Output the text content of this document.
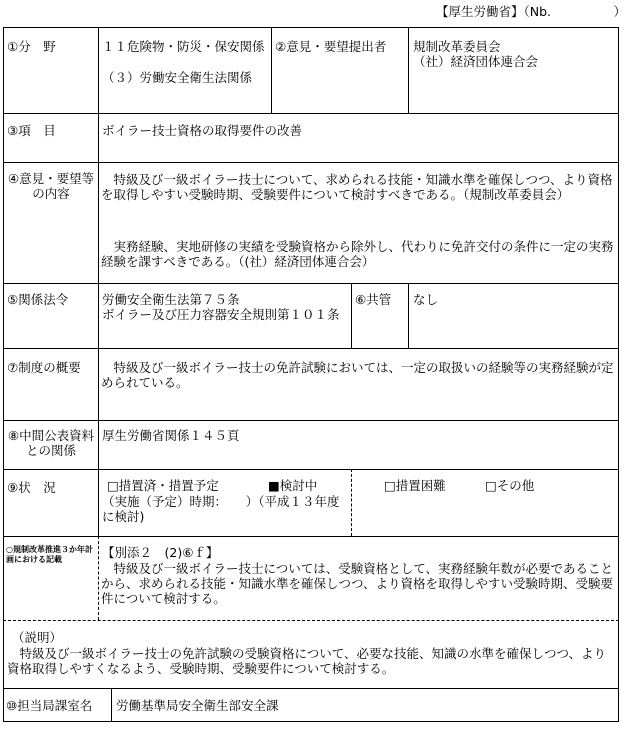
【厚生労働省】（Nb.　　　　　）
①分　野	１１危険物・防災・保安関係
（３）労働安全衛生法関係
②意見・要望提出者 規制改革委員会
（社）経済団体連合会
③項　目	ボイラー技士資格の取得要件の改善
④意見・要望等の内容
　特級及び一級ボイラー技士について、求められる技能・知識水準を確保しつつ、より資格を取得しやすい受験時期、受験要件について検討すべきである。（規制改革委員会）
　実務経験、実地研修の実績を受験資格から除外し、代わりに免許交付の条件に一定の実務経験を課すべきである。（(社）経済団体連合会）
⑤関係法令	労働安全衛生法第７５条
ボイラー及び圧力容器安全規則第１０１条
⑥共管 なし
⑦制度の概要 　特級及び一級ボイラー技士の免許試験においては、一定の取扱いの経験等の実務経験が定められている。
⑧中間公表資料との関係
厚生労働省関係１４５頁
⑨状　況	□措置済・措置予定	■検討中	□措置困難	□その他
（実施（予定）時期：　　）（平成１３年度に検討)
○規制改革推進３か年計画における記載	【別添２　(2)⑥ｆ】
　特級及び一級ボイラー技士については、受験資格として、実務経験年数が必要であることから、求められる技能・知識水準を確保しつつ、より資格を取得しやすい受験時期、受験要件について検討する。
（説明）
　特級及び一級ボイラー技士の免許試験の受験資格について、必要な技能、知識の水準を確保しつつ、より資格取得しやすくなるよう、受験時期、受験要件について検討する。
⑩担当局課室名 労働基準局安全衛生部安全課
